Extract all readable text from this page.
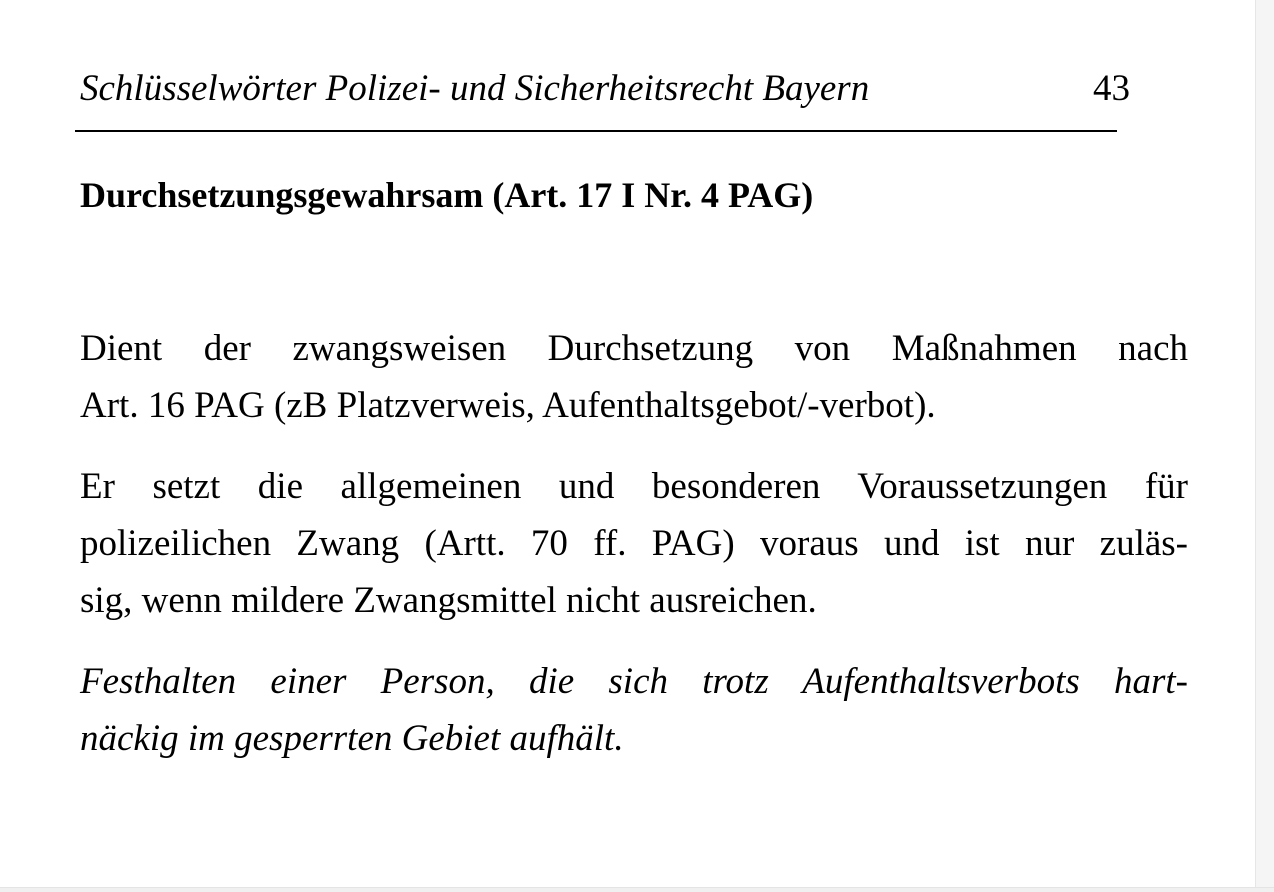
Schlüsselwörter Polizei- und Sicherheitsrecht Bayern	43
Durchsetzungsgewahrsam (Art. 17 I Nr. 4 PAG)

Dient der zwangsweisen Durchsetzung von Maßnahmen nach
Art. 16 PAG (zB Platzverweis, Aufenthaltsgebot/-verbot).

Er setzt die allgemeinen und besonderen Voraussetzungen für
polizeilichen Zwang (Artt. 70 ff. PAG) voraus und ist nur zuläs-
sig, wenn mildere Zwangsmittel nicht ausreichen.

Festhalten einer Person, die sich trotz Aufenthaltsverbots hart-
näckig im gesperrten Gebiet aufhält.
